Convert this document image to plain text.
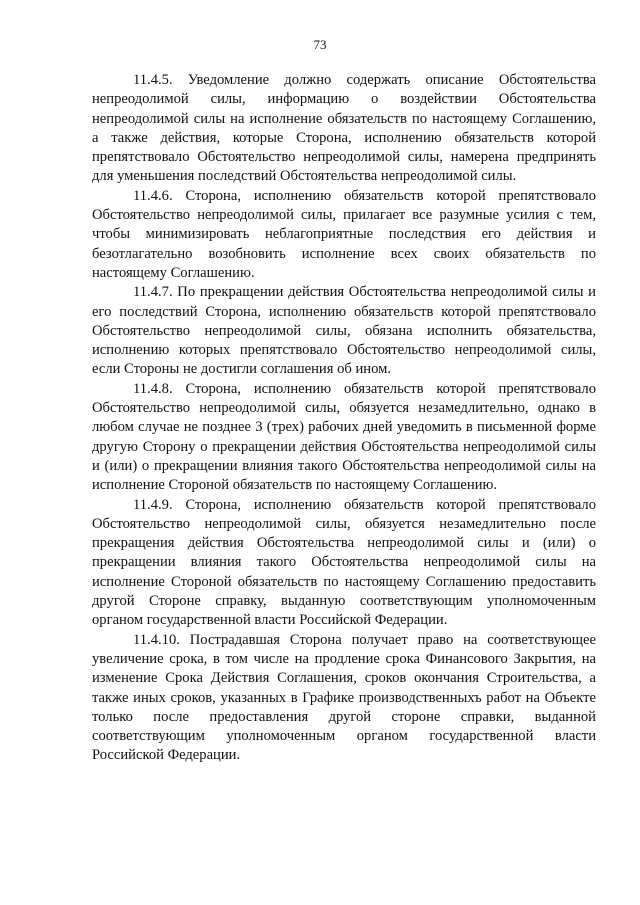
73

11.4.5. Уведомление должно содержать описание Обстоятельства непреодолимой силы, информацию о воздействии Обстоятельства непреодолимой силы на исполнение обязательств по настоящему Соглашению, а также действия, которые Сторона, исполнению обязательств которой препятствовало Обстоятельство непреодолимой силы, намерена предпринять для уменьшения последствий Обстоятельства непреодолимой силы.

11.4.6. Сторона, исполнению обязательств которой препятствовало Обстоятельство непреодолимой силы, прилагает все разумные усилия с тем, чтобы минимизировать неблагоприятные последствия его действия и безотлагательно возобновить исполнение всех своих обязательств по настоящему Соглашению.

11.4.7. По прекращении действия Обстоятельства непреодолимой силы и его последствий Сторона, исполнению обязательств которой препятствовало Обстоятельство непреодолимой силы, обязана исполнить обязательства, исполнению которых препятствовало Обстоятельство непреодолимой силы, если Стороны не достигли соглашения об ином.

11.4.8. Сторона, исполнению обязательств которой препятствовало Обстоятельство непреодолимой силы, обязуется незамедлительно, однако в любом случае не позднее 3 (трех) рабочих дней уведомить в письменной форме другую Сторону о прекращении действия Обстоятельства непреодолимой силы и (или) о прекращении влияния такого Обстоятельства непреодолимой силы на исполнение Стороной обязательств по настоящему Соглашению.

11.4.9. Сторона, исполнению обязательств которой препятствовало Обстоятельство непреодолимой силы, обязуется незамедлительно после прекращения действия Обстоятельства непреодолимой силы и (или) о прекращении влияния такого Обстоятельства непреодолимой силы на исполнение Стороной обязательств по настоящему Соглашению предоставить другой Стороне справку, выданную соответствующим уполномоченным органом государственной власти Российской Федерации.

11.4.10. Пострадавшая Сторона получает право на соответствующее увеличение срока, в том числе на продление срока Финансового Закрытия, на изменение Срока Действия Соглашения, сроков окончания Строительства, а также иных сроков, указанных в Графике производственныхъ работ на Объекте только после предоставления другой стороне справки, выданной соответствующим уполномоченным органом государственной власти Российской Федерации.
